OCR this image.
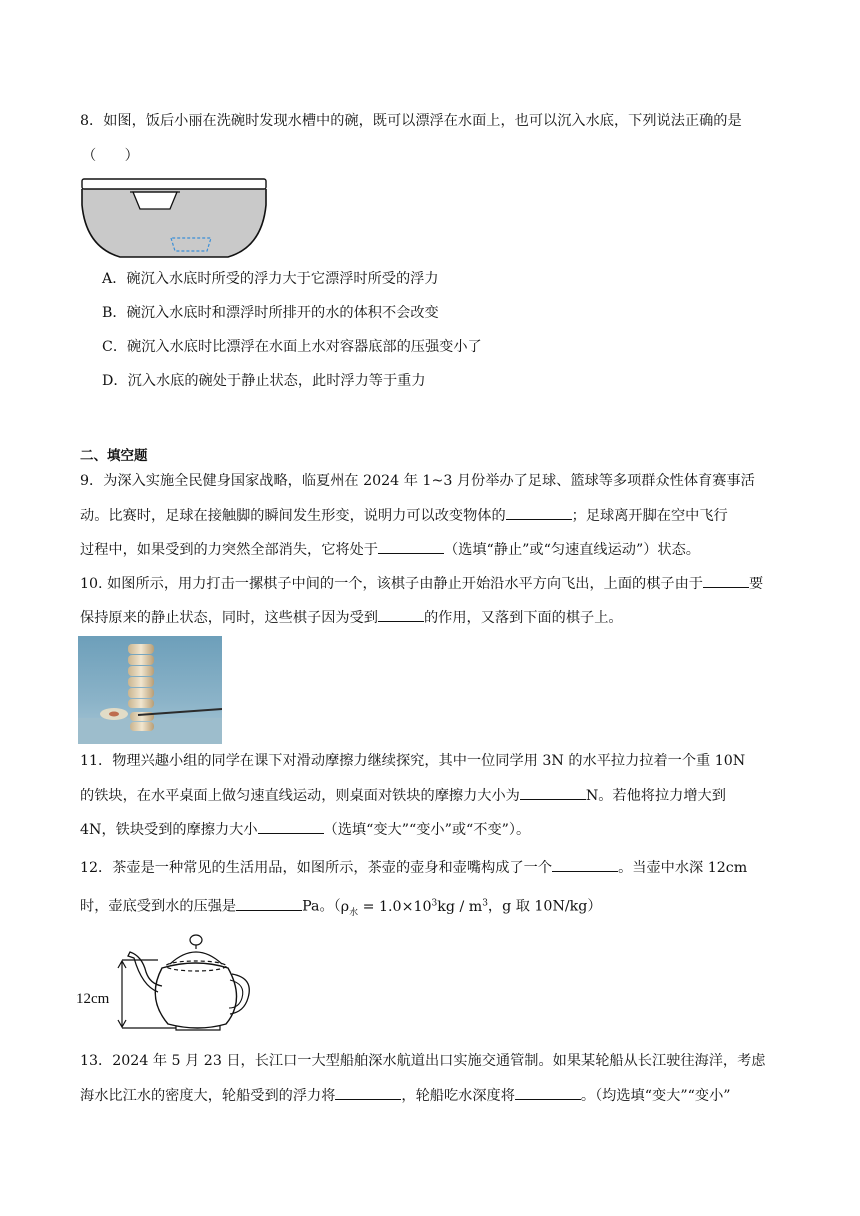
8．如图，饭后小丽在洗碗时发现水槽中的碗，既可以漂浮在水面上，也可以沉入水底，下列说法正确的是
（　　）
A．碗沉入水底时所受的浮力大于它漂浮时所受的浮力
B．碗沉入水底时和漂浮时所排开的水的体积不会改变
C．碗沉入水底时比漂浮在水面上水对容器底部的压强变小了
D．沉入水底的碗处于静止状态，此时浮力等于重力
二、填空题
9．为深入实施全民健身国家战略，临夏州在 2024 年 1~3 月份举办了足球、篮球等多项群众性体育赛事活
动。比赛时，足球在接触脚的瞬间发生形变，说明力可以改变物体的	；足球离开脚在空中飞行
过程中，如果受到的力突然全部消失，它将处于	（选填“静止”或“匀速直线运动”）状态。
10. 如图所示，用力打击一摞棋子中间的一个，该棋子由静止开始沿水平方向飞出，上面的棋子由于	要
保持原来的静止状态，同时，这些棋子因为受到	的作用，又落到下面的棋子上。
11．物理兴趣小组的同学在课下对滑动摩擦力继续探究，其中一位同学用 3N 的水平拉力拉着一个重 10N
的铁块，在水平桌面上做匀速直线运动，则桌面对铁块的摩擦力大小为	N。若他将拉力增大到
4N，铁块受到的摩擦力大小	（选填“变大”“变小”或“不变”）。
12．茶壶是一种常见的生活用品，如图所示，茶壶的壶身和壶嘴构成了一个	。当壶中水深 12cm
时，壶底受到水的压强是	Pa。（$\rho_水 = 1.0\times 10^3kg / m^3$，g 取 10N/kg）
12cm
13．2024 年 5 月 23 日，长江口一大型船舶深水航道出口实施交通管制。如果某轮船从长江驶往海洋，考虑
海水比江水的密度大，轮船受到的浮力将	，轮船吃水深度将	。（均选填“变大”“变小”
